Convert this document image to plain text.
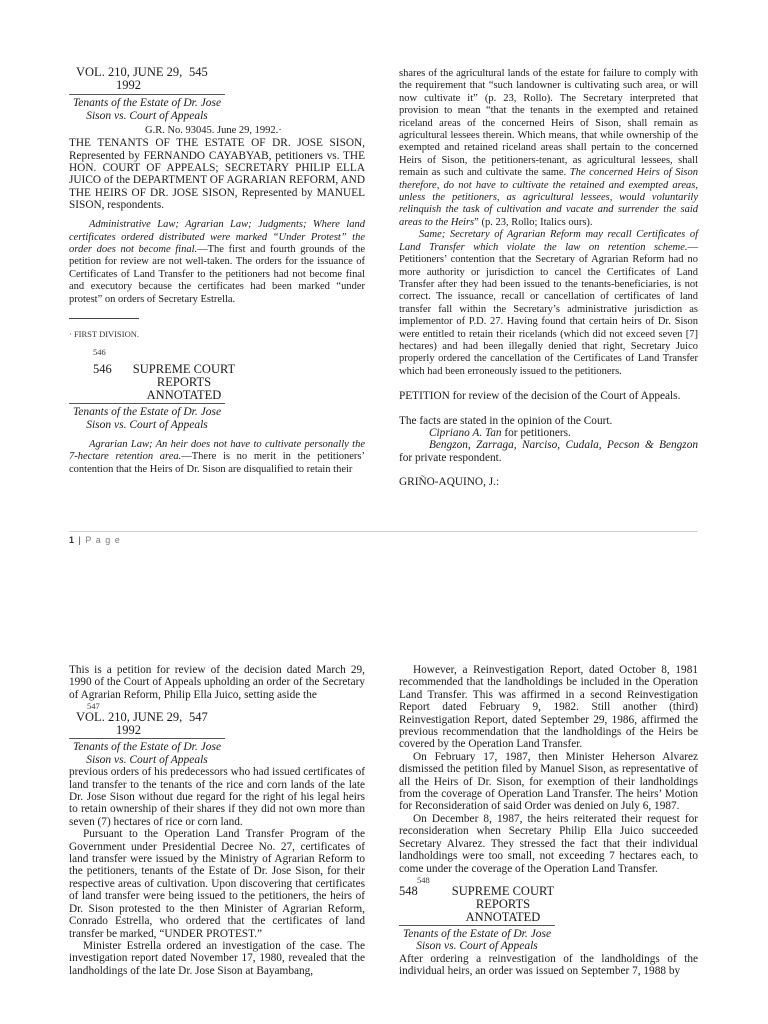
VOL. 210, JUNE 29, 545
1992
Tenants of the Estate of Dr. Jose Sison vs. Court of Appeals
G.R. No. 93045. June 29, 1992.·
THE TENANTS OF THE ESTATE OF DR. JOSE SISON, Represented by FERNANDO CAYABYAB, petitioners vs. THE HON. COURT OF APPEALS; SECRETARY PHILIP ELLA JUICO of the DEPARTMENT OF AGRARIAN REFORM, AND THE HEIRS OF DR. JOSE SISON, Represented by MANUEL SISON, respondents.

Administrative Law; Agrarian Law; Judgments; Where land certificates ordered distributed were marked “Under Protest” the order does not become final.—The first and fourth grounds of the petition for review are not well-taken. The orders for the issuance of Certificates of Land Transfer to the petitioners had not become final and executory because the certificates had been marked “under protest” on orders of Secretary Estrella.

· FIRST DIVISION.
546
546	SUPREME COURT REPORTS ANNOTATED
Tenants of the Estate of Dr. Jose Sison vs. Court of Appeals

Agrarian Law; An heir does not have to cultivate personally the 7-hectare retention area.—There is no merit in the petitioners’ contention that the Heirs of Dr. Sison are disqualified to retain their

shares of the agricultural lands of the estate for failure to comply with the requirement that “such landowner is cultivating such area, or will now cultivate it” (p. 23, Rollo). The Secretary interpreted that provision to mean “that the tenants in the exempted and retained riceland areas of the concerned Heirs of Sison, shall remain as agricultural lessees therein. Which means, that while ownership of the exempted and retained riceland areas shall pertain to the concerned Heirs of Sison, the petitioners-tenant, as agricultural lessees, shall remain as such and cultivate the same. The concerned Heirs of Sison therefore, do not have to cultivate the retained and exempted areas, unless the petitioners, as agricultural lessees, would voluntarily relinquish the task of cultivation and vacate and surrender the said areas to the Heirs” (p. 23, Rollo; Italics ours).

Same; Secretary of Agrarian Reform may recall Certificates of Land Transfer which violate the law on retention scheme.—Petitioners’ contention that the Secretary of Agrarian Reform had no more authority or jurisdiction to cancel the Certificates of Land Transfer after they had been issued to the tenants-beneficiaries, is not correct. The issuance, recall or cancellation of certificates of land transfer fall within the Secretary’s administrative jurisdiction as implementor of P.D. 27. Having found that certain heirs of Dr. Sison were entitled to retain their ricelands (which did not exceed seven [7] hectares) and had been illegally denied that right, Secretary Juico properly ordered the cancellation of the Certificates of Land Transfer which had been erroneously issued to the petitioners.

PETITION for review of the decision of the Court of Appeals.
The facts are stated in the opinion of the Court.
Cipriano A. Tan for petitioners.
Bengzon, Zarraga, Narciso, Cudala, Pecson & Bengzon for private respondent.
GRIÑO-AQUINO, J.:
1 | P a g e

This is a petition for review of the decision dated March 29, 1990 of the Court of Appeals upholding an order of the Secretary of Agrarian Reform, Philip Ella Juico, setting aside the

547
VOL. 210, JUNE 29, 547
1992
Tenants of the Estate of Dr. Jose Sison vs. Court of Appeals

previous orders of his predecessors who had issued certificates of land transfer to the tenants of the rice and corn lands of the late Dr. Jose Sison without due regard for the right of his legal heirs to retain ownership of their shares if they did not own more than seven (7) hectares of rice or corn land.

Pursuant to the Operation Land Transfer Program of the Government under Presidential Decree No. 27, certificates of land transfer were issued by the Ministry of Agrarian Reform to the petitioners, tenants of the Estate of Dr. Jose Sison, for their respective areas of cultivation. Upon discovering that certificates of land transfer were being issued to the petitioners, the heirs of Dr. Sison protested to the then Minister of Agrarian Reform, Conrado Estrella, who ordered that the certificates of land transfer be marked, “UNDER PROTEST.”

Minister Estrella ordered an investigation of the case. The investigation report dated November 17, 1980, revealed that the landholdings of the late Dr. Jose Sison at Bayambang,

However, a Reinvestigation Report, dated October 8, 1981 recommended that the landholdings be included in the Operation Land Transfer. This was affirmed in a second Reinvestigation Report dated February 9, 1982. Still another (third) Reinvestigation Report, dated September 29, 1986, affirmed the previous recommendation that the landholdings of the Heirs be covered by the Operation Land Transfer.

On February 17, 1987, then Minister Heherson Alvarez dismissed the petition filed by Manuel Sison, as representative of all the Heirs of Dr. Sison, for exemption of their landholdings from the coverage of Operation Land Transfer. The heirs’ Motion for Reconsideration of said Order was denied on July 6, 1987.

On December 8, 1987, the heirs reiterated their request for reconsideration when Secretary Philip Ella Juico succeeded Secretary Alvarez. They stressed the fact that their individual landholdings were too small, not exceeding 7 hectares each, to come under the coverage of the Operation Land Transfer.

548
548	SUPREME COURT REPORTS ANNOTATED
Tenants of the Estate of Dr. Jose Sison vs. Court of Appeals

After ordering a reinvestigation of the landholdings of the individual heirs, an order was issued on September 7, 1988 by
